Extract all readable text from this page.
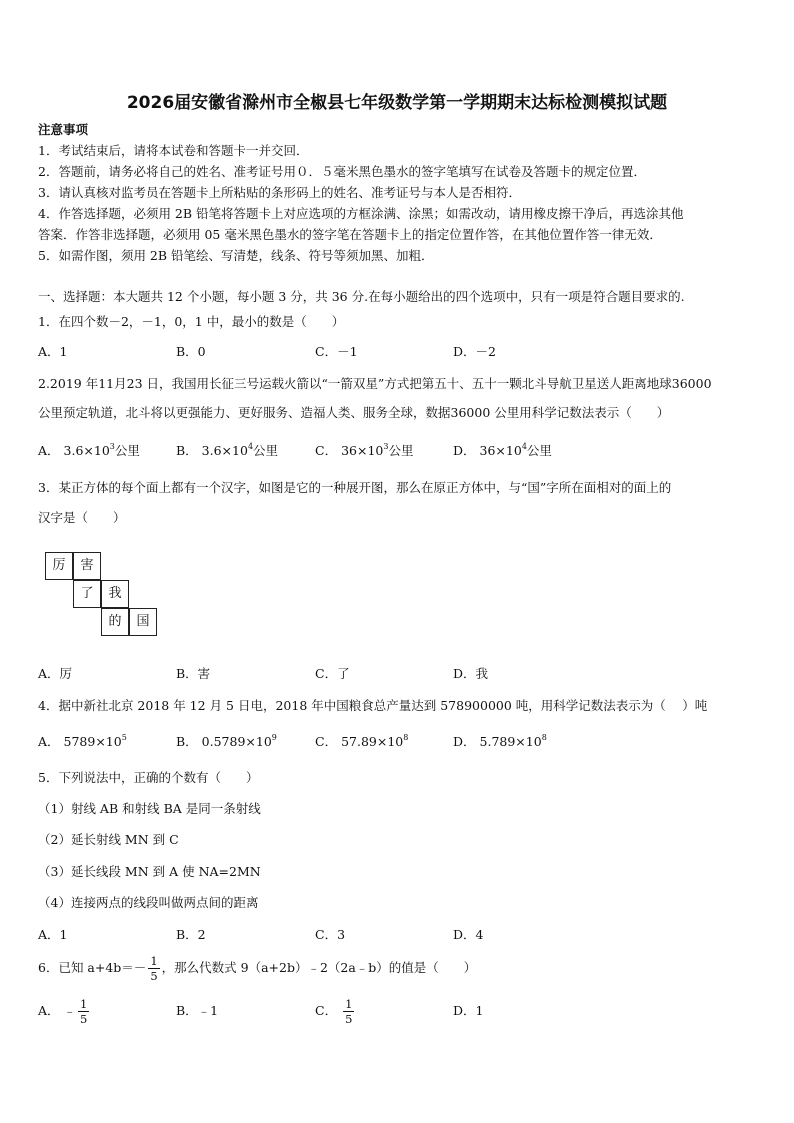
2026届安徽省滁州市全椒县七年级数学第一学期期末达标检测模拟试题
注意事项
1．考试结束后，请将本试卷和答题卡一并交回．
2．答题前，请务必将自己的姓名、准考证号用０．５毫米黑色墨水的签字笔填写在试卷及答题卡的规定位置．
3．请认真核对监考员在答题卡上所粘贴的条形码上的姓名、准考证号与本人是否相符．
4．作答选择题，必须用 2B 铅笔将答题卡上对应选项的方框涂满、涂黑；如需改动，请用橡皮擦干净后，再选涂其他
答案．作答非选择题，必须用 05 毫米黑色墨水的签字笔在答题卡上的指定位置作答，在其他位置作答一律无效．
5．如需作图，须用 2B 铅笔绘、写清楚，线条、符号等须加黑、加粗．
一、选择题：本大题共 12 个小题，每小题 3 分，共 36 分.在每小题给出的四个选项中，只有一项是符合题目要求的.
1．在四个数－2，－1，0，1 中，最小的数是（　　）
A．1	B．0	C．－1	D．－2
2.2019 年11月23 日，我国用长征三号运载火箭以“一箭双星”方式把第五十、五十一颗北斗导航卫星送人距离地球36000
公里预定轨道，北斗将以更强能力、更好服务、造福人类、服务全球，数据36000 公里用科学记数法表示（　　）
A． $3.6\times 10^3$公里	B． $3.6\times 10^4$公里	C． $36\times 10^3$公里	D． $36\times 10^4$公里
3．某正方体的每个面上都有一个汉字，如图是它的一种展开图，那么在原正方体中，与“国”字所在面相对的面上的
汉字是（　　）
厉	害
了	我
的	国
A．厉	B．害	C．了	D．我
4．据中新社北京 2018 年 12 月 5 日电，2018 年中国粮食总产量达到 578900000 吨，用科学记数法表示为（　 ）吨
A． $5789\times 10^5$	B． $0.5789\times 10^9$	C． $57.89\times 10^8$	D． $5.789\times 10^8$
5．下列说法中，正确的个数有（　　）
（1）射线 AB 和射线 BA 是同一条射线
（2）延长射线 MN 到 C
（3）延长线段 MN 到 A 使 NA=2MN
（4）连接两点的线段叫做两点间的距离
A．1	B．2	C．3	D．4
6．已知 $a+4b=- \frac{1}{5}$ ，那么代数式 9（a+2b）﹣2（2a﹣b）的值是（　　）
A． ﹣ $\frac{1}{5}$	B．﹣1	C． $\frac{1}{5}$	D．1
